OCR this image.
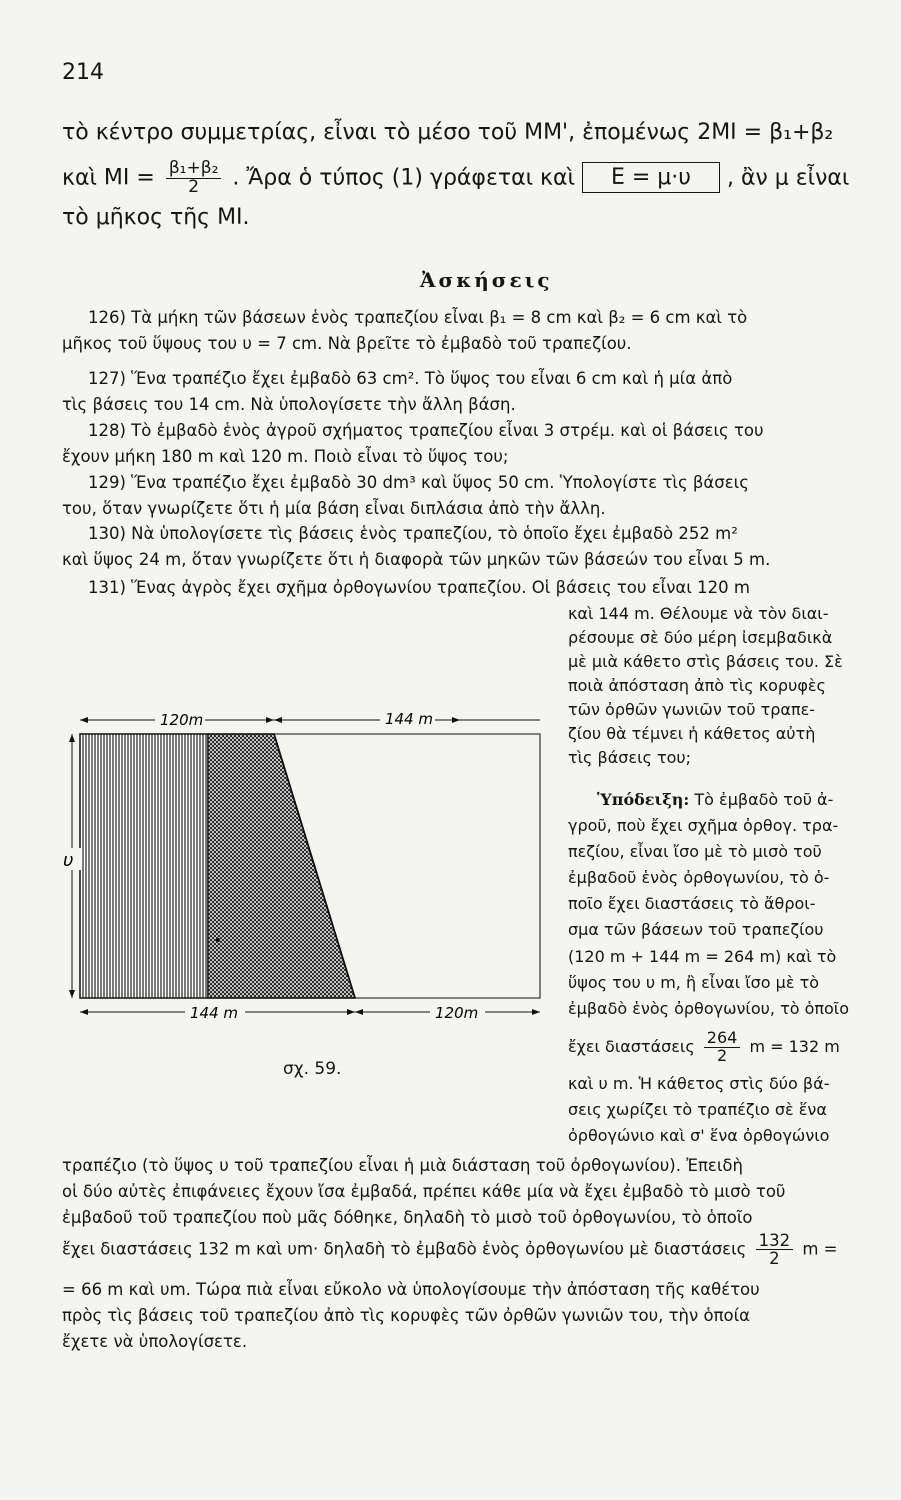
214
τὸ κέντρο συμμετρίας, εἶναι τὸ μέσο τοῦ ΜΜ', ἐπομένως 2ΜΙ = β₁+β₂
καὶ $MI = \frac{\text{β₁+β₂}}{2}$ . Ἄρα ὁ τύπος (1) γράφεται καὶ Ε = μ·υ , ἂν μ εἶναι
τὸ μῆκος τῆς ΜΙ.
Ἀσκήσεις
126) Τὰ μήκη τῶν βάσεων ἑνὸς τραπεζίου εἶναι β₁ = 8 cm καὶ β₂ = 6 cm καὶ τὸ
μῆκος τοῦ ὕψους του υ = 7 cm. Νὰ βρεῖτε τὸ ἐμβαδὸ τοῦ τραπεζίου.
127) Ἕνα τραπέζιο ἔχει ἐμβαδὸ 63 cm². Τὸ ὕψος του εἶναι 6 cm καὶ ἡ μία ἀπὸ
τὶς βάσεις του 14 cm. Νὰ ὑπολογίσετε τὴν ἄλλη βάση.
128) Τὸ ἐμβαδὸ ἑνὸς ἀγροῦ σχήματος τραπεζίου εἶναι 3 στρέμ. καὶ οἱ βάσεις του
ἔχουν μήκη 180 m καὶ 120 m. Ποιὸ εἶναι τὸ ὕψος του;
129) Ἕνα τραπέζιο ἔχει ἐμβαδὸ 30 dm³ καὶ ὕψος 50 cm. Ὑπολογίστε τὶς βάσεις
του, ὅταν γνωρίζετε ὅτι ἡ μία βάση εἶναι διπλάσια ἀπὸ τὴν ἄλλη.
130) Νὰ ὑπολογίσετε τὶς βάσεις ἑνὸς τραπεζίου, τὸ ὁποῖο ἔχει ἐμβαδὸ 252 m²
καὶ ὕψος 24 m, ὅταν γνωρίζετε ὅτι ἡ διαφορὰ τῶν μηκῶν τῶν βάσεών του εἶναι 5 m.
131) Ἕνας ἀγρὸς ἔχει σχῆμα ὀρθογωνίου τραπεζίου. Οἱ βάσεις του εἶναι 120 m
καὶ 144 m. Θέλουμε νὰ τὸν διαι-
ρέσουμε σὲ δύο μέρη ἰσεμβαδικὰ
μὲ μιὰ κάθετο στὶς βάσεις του. Σὲ
ποιὰ ἀπόσταση ἀπὸ τὶς κορυφὲς
τῶν ὀρθῶν γωνιῶν τοῦ τραπε-
ζίου θὰ τέμνει ἡ κάθετος αὐτὴ
τὶς βάσεις του;
Ὑπόδειξη: Τὸ ἐμβαδὸ τοῦ ἀ-
γροῦ, ποὺ ἔχει σχῆμα ὀρθογ. τρα-
πεζίου, εἶναι ἴσο μὲ τὸ μισὸ τοῦ
ἐμβαδοῦ ἑνὸς ὀρθογωνίου, τὸ ὁ-
ποῖο ἔχει διαστάσεις τὸ ἄθροι-
σμα τῶν βάσεων τοῦ τραπεζίου
(120 m + 144 m = 264 m) καὶ τὸ
ὕψος του υ m, ἢ εἶναι ἴσο μὲ τὸ
ἐμβαδὸ ἑνὸς ὀρθογωνίου, τὸ ὁποῖο
ἔχει διαστάσεις $\frac{264}{2}$ m = 132 m
καὶ υ m. Ἡ κάθετος στὶς δύο βά-
σεις χωρίζει τὸ τραπέζιο σὲ ἕνα
ὀρθογώνιο καὶ σ' ἕνα ὀρθογώνιο
τραπέζιο (τὸ ὕψος υ τοῦ τραπεζίου εἶναι ἡ μιὰ διάσταση τοῦ ὀρθογωνίου). Ἐπειδὴ
οἱ δύο αὐτὲς ἐπιφάνειες ἔχουν ἴσα ἐμβαδά, πρέπει κάθε μία νὰ ἔχει ἐμβαδὸ τὸ μισὸ τοῦ
ἐμβαδοῦ τοῦ τραπεζίου ποὺ μᾶς δόθηκε, δηλαδὴ τὸ μισὸ τοῦ ὀρθογωνίου, τὸ ὁποῖο
ἔχει διαστάσεις 132 m καὶ υm· δηλαδὴ τὸ ἐμβαδὸ ἑνὸς ὀρθογωνίου μὲ διαστάσεις $\frac{132}{2}$ m =
= 66 m καὶ υm. Τώρα πιὰ εἶναι εὔκολο νὰ ὑπολογίσουμε τὴν ἀπόσταση τῆς καθέτου
πρὸς τὶς βάσεις τοῦ τραπεζίου ἀπὸ τὶς κορυφὲς τῶν ὀρθῶν γωνιῶν του, τὴν ὁποία
ἔχετε νὰ ὑπολογίσετε.
120m	144 m
144 m	120m
υ
σχ. 59.
